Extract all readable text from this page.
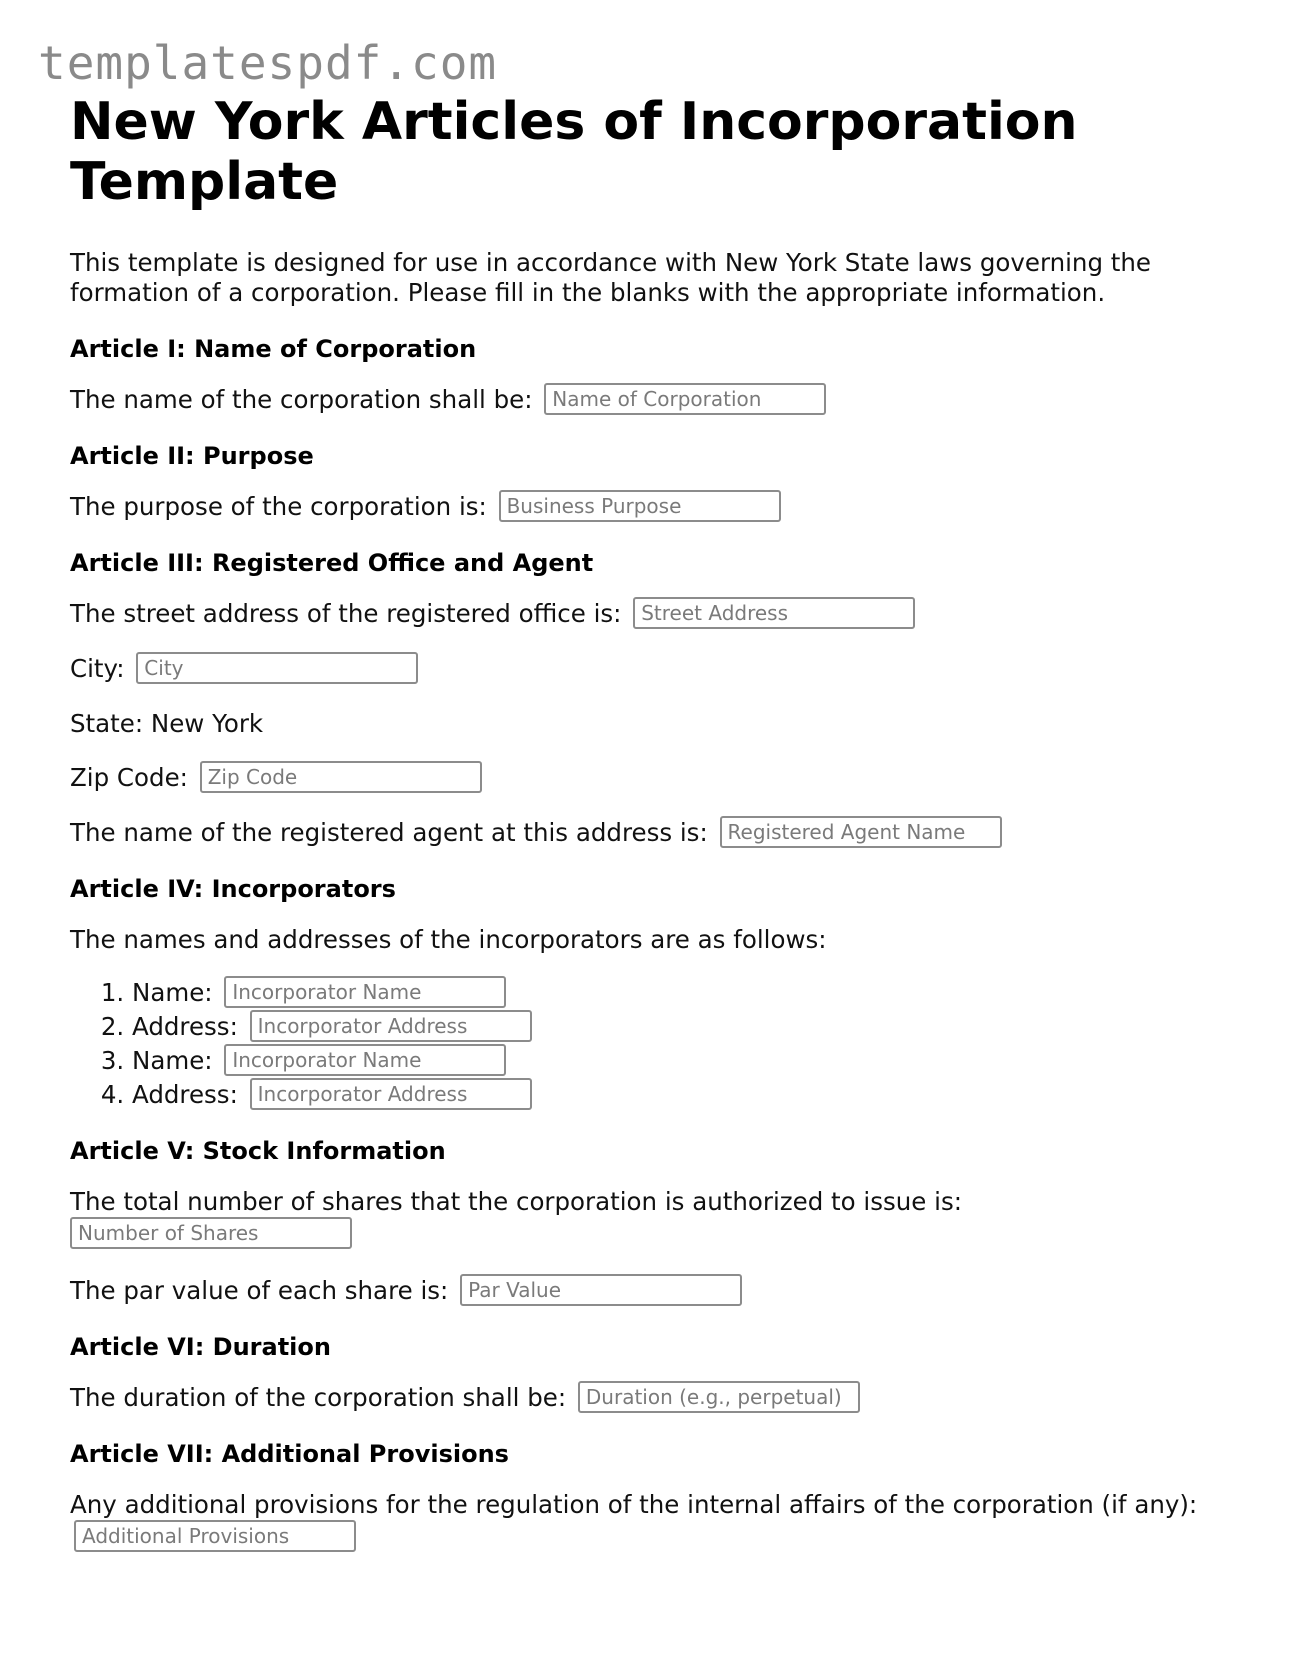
templatespdf.com
New York Articles of Incorporation Template

This template is designed for use in accordance with New York State laws governing the formation of a corporation. Please fill in the blanks with the appropriate information.

Article I: Name of Corporation

The name of the corporation shall be: Name of Corporation

Article II: Purpose

The purpose of the corporation is: Business Purpose

Article III: Registered Office and Agent

The street address of the registered office is: Street Address

City: City

State: New York

Zip Code: Zip Code

The name of the registered agent at this address is: Registered Agent Name

Article IV: Incorporators

The names and addresses of the incorporators are as follows:

1. Name: Incorporator Name
2. Address: Incorporator Address
3. Name: Incorporator Name
4. Address: Incorporator Address
Article V: Stock Information

The total number of shares that the corporation is authorized to issue is:
Number of Shares

The par value of each share is: Par Value

Article VI: Duration

The duration of the corporation shall be: Duration (e.g., perpetual)

Article VII: Additional Provisions

Any additional provisions for the regulation of the internal affairs of the corporation (if any): Additional Provisions
